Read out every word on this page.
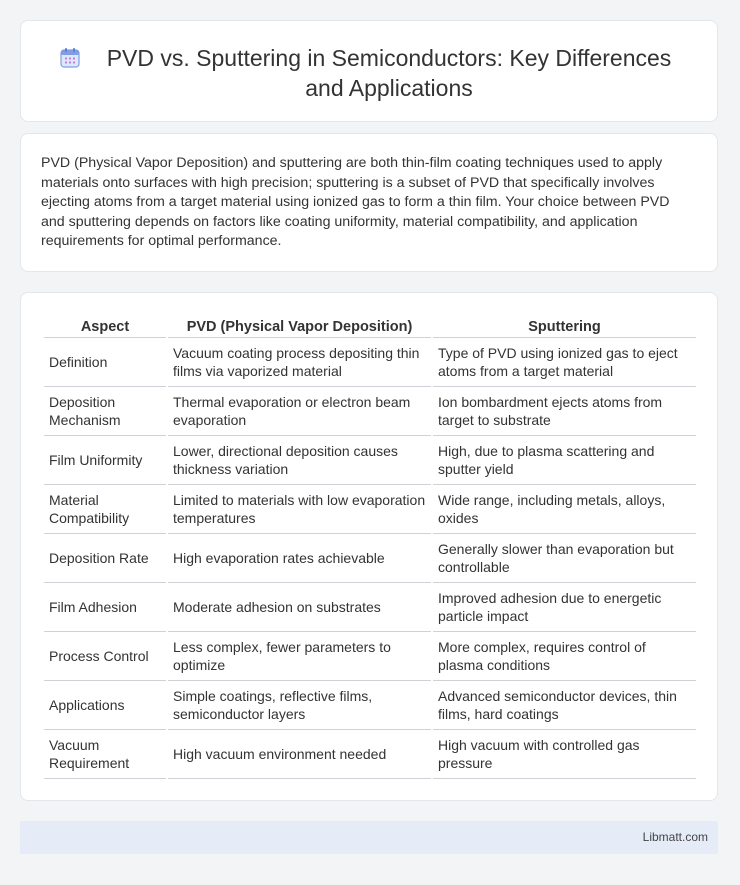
PVD vs. Sputtering in Semiconductors: Key Differences and Applications

PVD (Physical Vapor Deposition) and sputtering are both thin-film coating techniques used to apply materials onto surfaces with high precision; sputtering is a subset of PVD that specifically involves ejecting atoms from a target material using ionized gas to form a thin film. Your choice between PVD and sputtering depends on factors like coating uniformity, material compatibility, and application requirements for optimal performance.

Aspect	PVD (Physical Vapor Deposition)	Sputtering
Definition	Vacuum coating process depositing thin films via vaporized material	Type of PVD using ionized gas to eject atoms from a target material
Deposition Mechanism	Thermal evaporation or electron beam evaporation	Ion bombardment ejects atoms from target to substrate
Film Uniformity	Lower, directional deposition causes thickness variation	High, due to plasma scattering and sputter yield
Material Compatibility	Limited to materials with low evaporation temperatures	Wide range, including metals, alloys, oxides
Deposition Rate	High evaporation rates achievable	Generally slower than evaporation but controllable
Film Adhesion	Moderate adhesion on substrates	Improved adhesion due to energetic particle impact
Process Control	Less complex, fewer parameters to optimize	More complex, requires control of plasma conditions
Applications	Simple coatings, reflective films, semiconductor layers	Advanced semiconductor devices, thin films, hard coatings
Vacuum Requirement	High vacuum environment needed	High vacuum with controlled gas pressure
Libmatt.com
